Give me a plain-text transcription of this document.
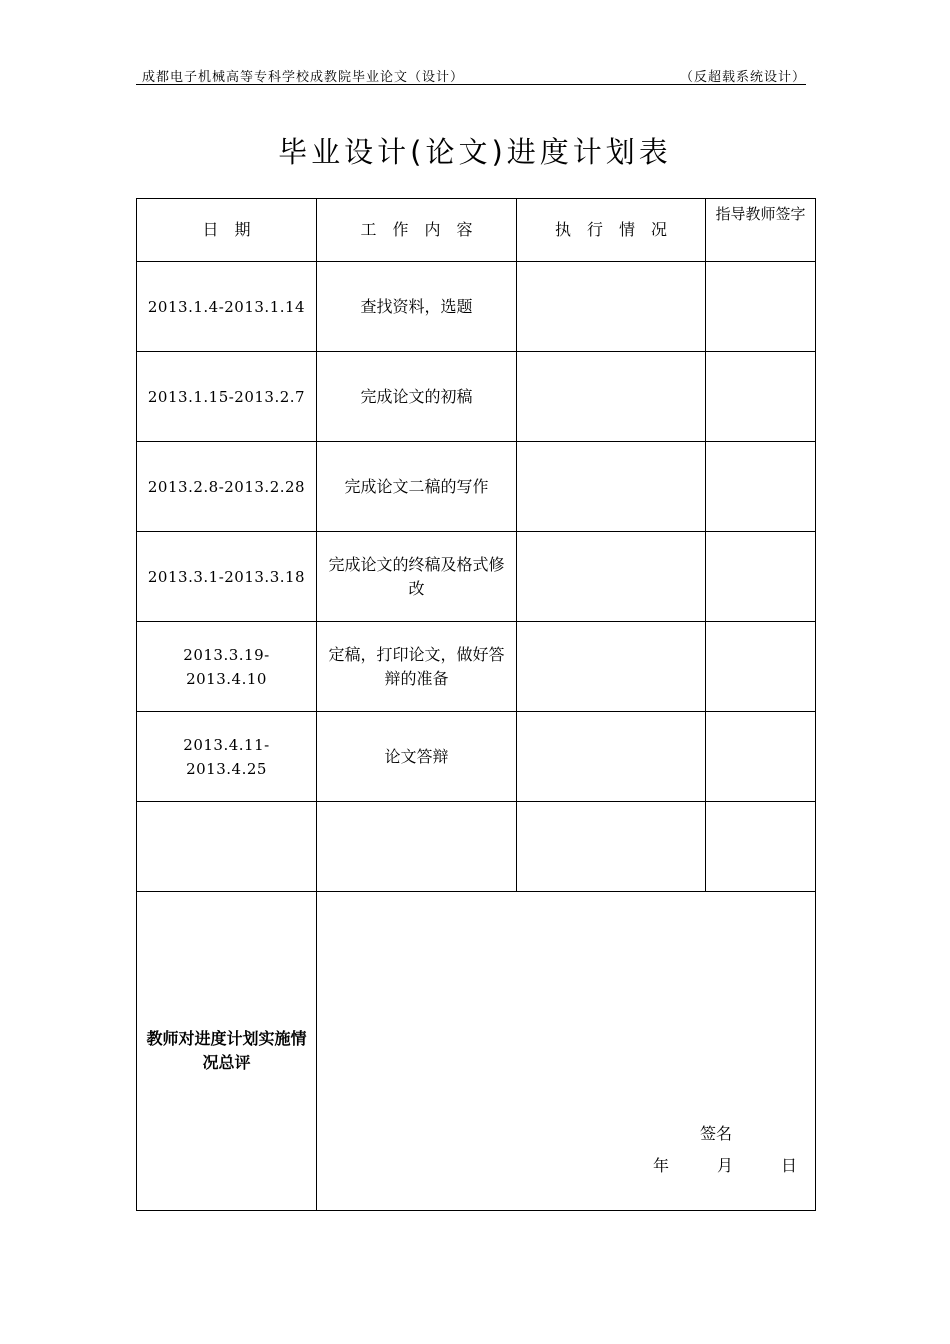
成都电子机械高等专科学校成教院毕业论文（设计）	（反超载系统设计）
毕业设计(论文)进度计划表
日　期	工　作　内　容	执　行　情　况	指导教师签字
2013.1.4-2013.1.14	查找资料，选题		
2013.1.15-2013.2.7	完成论文的初稿		
2013.2.8-2013.2.28	完成论文二稿的写作		
2013.3.1-2013.3.18	完成论文的终稿及格式修改		
2013.3.19-2013.4.10	定稿，打印论文，做好答辩的准备		
2013.4.11-2013.4.25	论文答辩		

教师对进度计划实施情况总评	签名
年　　　月　　　日		
